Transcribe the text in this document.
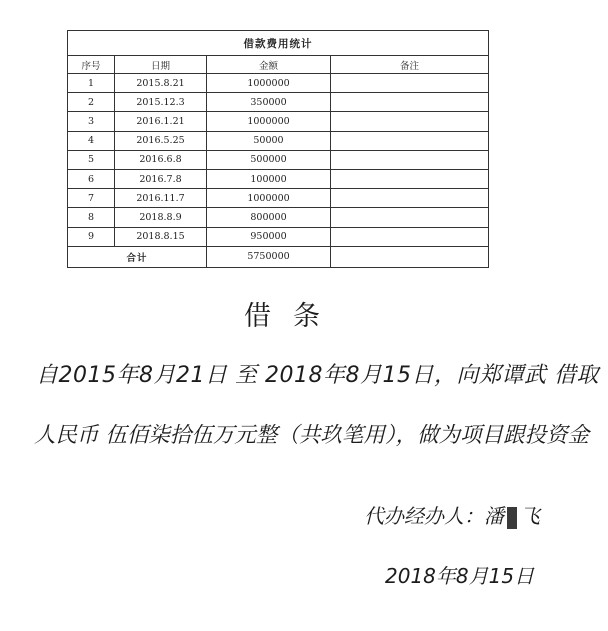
借款费用统计			
序号	日期	金额	备注
1	2015.8.21	1000000	
2	2015.12.3	350000	
3	2016.1.21	1000000	
4	2016.5.25	50000	
5	2016.6.8	500000	
6	2016.7.8	100000	
7	2016.11.7	1000000	
8	2018.8.9	800000	
9	2018.8.15	950000	
合计		5750000	
借条
自2015年8月21日 至 2018年8月15日，向郑谭武 借取
人民币 伍佰柒拾伍万元整（共玖笔用），做为项目跟投资金
代办经办人：潘 飞
2018年8月15日
